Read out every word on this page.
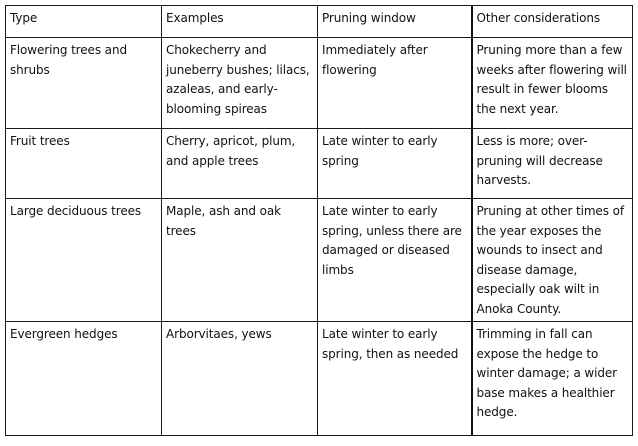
Type	Examples	Pruning window	Other considerations
Flowering trees and shrubs	Chokecherry and juneberry bushes; lilacs, azaleas, and early-blooming spireas	Immediately after flowering	Pruning more than a few weeks after flowering will result in fewer blooms the next year.
Fruit trees	Cherry, apricot, plum, and apple trees	Late winter to early spring	Less is more; over-pruning will decrease harvests.
Large deciduous trees	Maple, ash and oak trees	Late winter to early spring, unless there are damaged or diseased limbs	Pruning at other times of the year exposes the wounds to insect and disease damage, especially oak wilt in Anoka County.
Evergreen hedges	Arborvitaes, yews	Late winter to early spring, then as needed	Trimming in fall can expose the hedge to winter damage; a wider base makes a healthier hedge.
